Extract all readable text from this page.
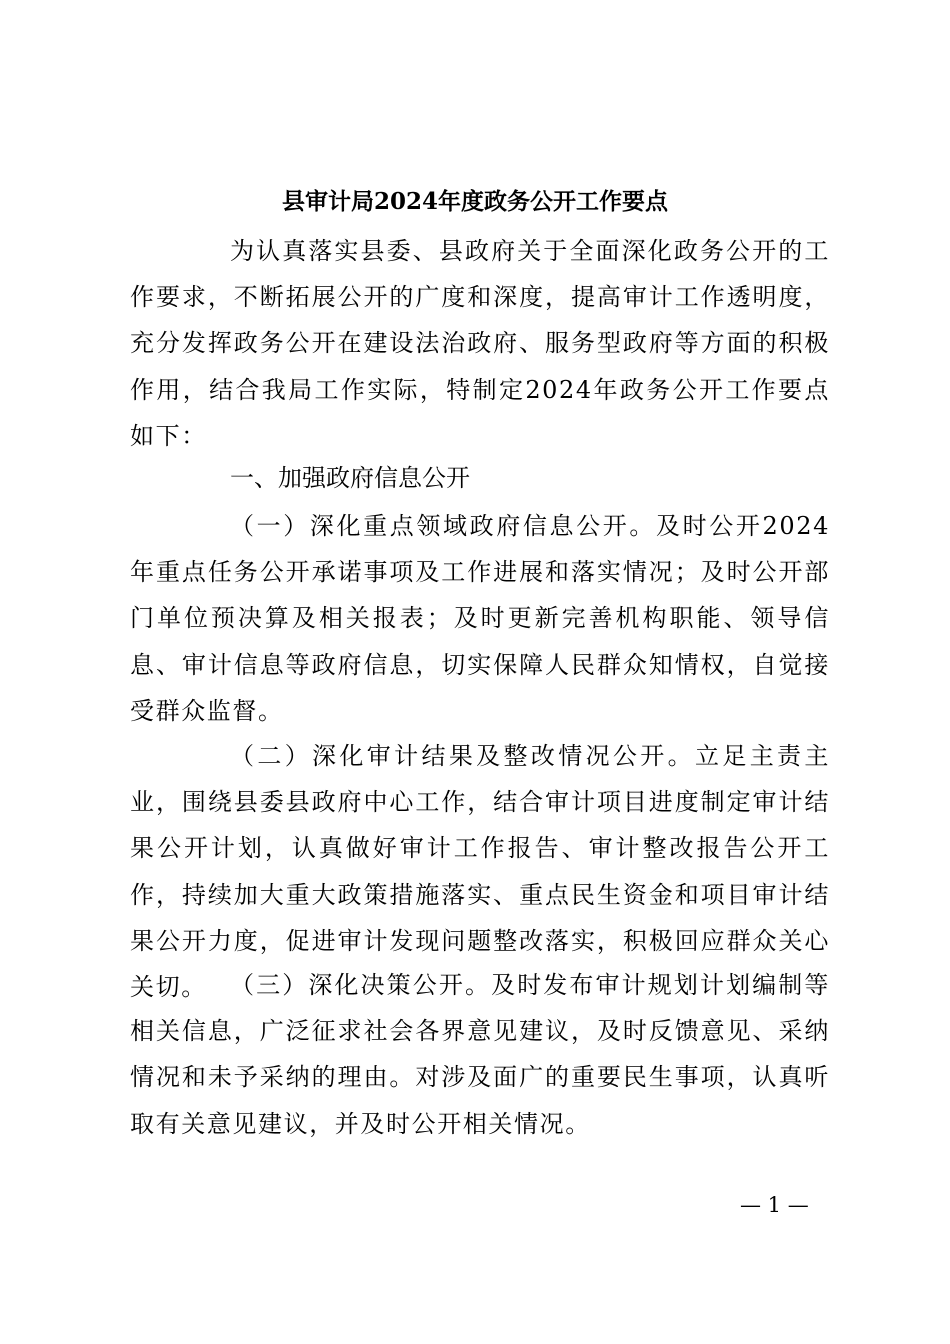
县审计局2024年度政务公开工作要点
为认真落实县委、县政府关于全面深化政务公开的工作要求，不断拓展公开的广度和深度，提高审计工作透明度，充分发挥政务公开在建设法治政府、服务型政府等方面的积极作用，结合我局工作实际，特制定2024年政务公开工作要点如下：
一、加强政府信息公开
（一）深化重点领域政府信息公开。及时公开2024年重点任务公开承诺事项及工作进展和落实情况；及时公开部门单位预决算及相关报表；及时更新完善机构职能、领导信息、审计信息等政府信息，切实保障人民群众知情权，自觉接受群众监督。
（二）深化审计结果及整改情况公开。立足主责主业，围绕县委县政府中心工作，结合审计项目进度制定审计结果公开计划，认真做好审计工作报告、审计整改报告公开工作，持续加大重大政策措施落实、重点民生资金和项目审计结果公开力度，促进审计发现问题整改落实，积极回应群众关心关切。 （三）深化决策公开。及时发布审计规划计划编制等相关信息，广泛征求社会各界意见建议，及时反馈意见、采纳情况和未予采纳的理由。对涉及面广的重要民生事项，认真听取有关意见建议，并及时公开相关情况。
— 1 —
